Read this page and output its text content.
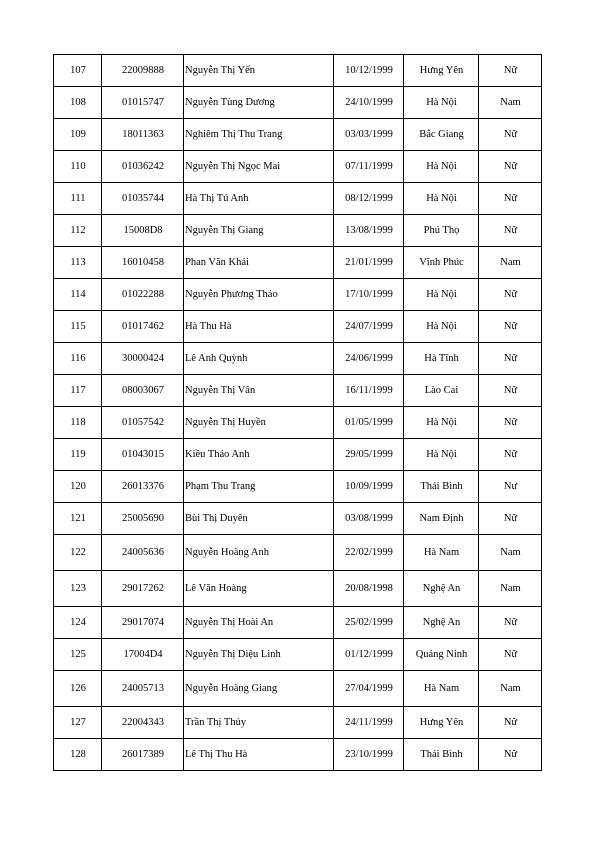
107	22009888	Nguyễn Thị Yến	10/12/1999	Hưng Yên	Nữ
108	01015747	Nguyễn Tùng Dương	24/10/1999	Hà Nội	Nam
109	18011363	Nghiêm Thị Thu Trang	03/03/1999	Bắc Giang	Nữ
110	01036242	Nguyễn Thị Ngọc Mai	07/11/1999	Hà Nội	Nữ
111	01035744	Hà Thị Tú Anh	08/12/1999	Hà Nội	Nữ
112	15008D8	Nguyễn Thị Giang	13/08/1999	Phú Thọ	Nữ
113	16010458	Phan Văn Khải	21/01/1999	Vĩnh Phúc	Nam
114	01022288	Nguyễn Phương Thảo	17/10/1999	Hà Nội	Nữ
115	01017462	Hà Thu Hà	24/07/1999	Hà Nội	Nữ
116	30000424	Lê Anh Quỳnh	24/06/1999	Hà Tĩnh	Nữ
117	08003067	Nguyễn Thị Vân	16/11/1999	Lào Cai	Nữ
118	01057542	Nguyễn Thị Huyền	01/05/1999	Hà Nội	Nữ
119	01043015	Kiều Thảo Anh	29/05/1999	Hà Nội	Nữ
120	26013376	Phạm Thu Trang	10/09/1999	Thái Bình	Nư
121	25005690	Bùi Thị Duyên	03/08/1999	Nam Định	Nữ
122	24005636	Nguyễn Hoàng Anh	22/02/1999	Hà Nam	Nam
123	29017262	Lê Văn Hoàng	20/08/1998	Nghệ An	Nam
124	29017074	Nguyễn Thị Hoài An	25/02/1999	Nghệ An	Nữ
125	17004D4	Nguyễn Thị Diệu Linh	01/12/1999	Quảng Ninh	Nữ
126	24005713	Nguyễn Hoàng Giang	27/04/1999	Hà Nam	Nam
127	22004343	Trần Thị Thủy	24/11/1999	Hưng Yên	Nữ
128	26017389	Lê Thị Thu Hà	23/10/1999	Thái Bình	Nữ
